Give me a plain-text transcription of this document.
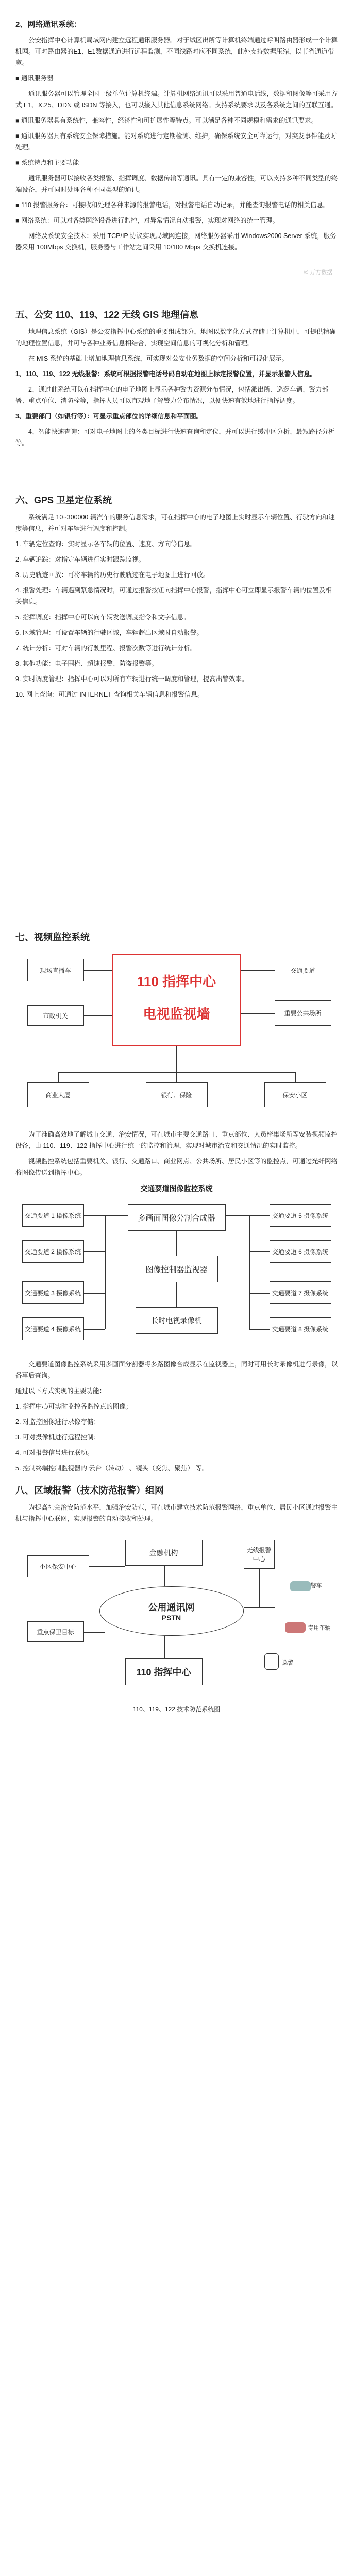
2、网络通讯系统：

公安指挥中心计算机局域网内建立远程通讯服务器。对于城区出所等计算机终端通过呼叫路由器形成一个计算机网。可对路由器的E1、E1数据通道进行远程监测，不同线路对应不同系统，此外支持数据压缩，以节省通道带宽。

■ 通讯服务器

通讯服务器可以管理全国一级单位计算机终端。计算机网络通讯可以采用普通电话线，数据和图像等可采用方式 E1、X.25、DDN 或 ISDN 等接入，也可以接入其他信息系统网络。支持系统要求以及各系统之间的互联互通。

■ 通讯服务器具有系统性，兼容性，经济性和可扩展性等特点。可以满足各种不同规模和需求的通讯要求。

■ 通讯服务器具有系统安全保障措施。能对系统进行定期检测、维护，确保系统安全可靠运行，对突发事件能及时处理。

■ 系统特点和主要功能

通讯服务器可以接收各类报警、指挥调度、数据传输等通讯。具有一定的兼容性，可以支持多种不同类型的终端设备，并可同时处理各种不同类型的通讯。

■ 110 报警服务台：可接收和处理各种来源的报警电话，对报警电话自动记录，并能查询报警电话的相关信息。

■ 网络系统：可以对各类网络设备进行监控，对异常情况自动报警，实现对网络的统一管理。

网络及系统安全技术：采用 TCP/IP 协议实现局域网连接，网络服务器采用 Windows2000 Server 系统，服务器采用 100Mbps 交换机，服务器与工作站之间采用 10/100 Mbps 交换机连接。

© 万方数据
五、公安 110、119、122 无线 GIS 地理信息

地理信息系统（GIS）是公安指挥中心系统的重要组成部分，地图以数字化方式存储于计算机中，可提供精确的地理位置信息，并可与各种业务信息相结合，实现空间信息的可视化分析和管理。

在 MIS 系统的基础上增加地理信息系统，可实现对公安业务数据的空间分析和可视化展示。

1、110、119、122 无线报警：系统可根据报警电话号码自动在地图上标定报警位置，并显示报警人信息。

2、通过此系统可以在指挥中心的电子地图上显示各种警力资源分布情况，包括派出所、巡逻车辆、警力部署、重点单位、消防栓等，指挥人员可以直观地了解警力分布情况，以便快速有效地进行指挥调度。

3、重要部门（如银行等）：可显示重点部位的详细信息和平面图。

4、智能快速查询：可对电子地图上的各类目标进行快速查询和定位，并可以进行缓冲区分析、最短路径分析等。

六、GPS 卫星定位系统

系统满足 10~300000 辆汽车的服务信息需求，可在指挥中心的电子地图上实时显示车辆位置、行驶方向和速度等信息，并可对车辆进行调度和控制。

1. 车辆定位查询：实时显示各车辆的位置、速度、方向等信息。

2. 车辆追踪：对指定车辆进行实时跟踪监视。

3. 历史轨迹回放：可将车辆的历史行驶轨迹在电子地图上进行回放。

4. 报警处理：车辆遇到紧急情况时，可通过报警按钮向指挥中心报警，指挥中心可立即显示报警车辆的位置及相关信息。

5. 指挥调度：指挥中心可以向车辆发送调度指令和文字信息。

6. 区域管理：可设置车辆的行驶区域，车辆超出区域时自动报警。

7. 统计分析：可对车辆的行驶里程、报警次数等进行统计分析。

8. 其他功能：电子围栏、超速报警、防盗报警等。

9. 实时调度管理：指挥中心可以对所有车辆进行统一调度和管理，提高出警效率。

10. 网上查询：可通过 INTERNET 查询相关车辆信息和报警信息。

七、视频监控系统
现场直播车
市政机关
交通要道
重要公共场所
110 指挥中心
电视监视墙
商业大厦	银行、保险	保安小区

为了准确高效地了解城市交通、治安情况，可在城市主要交通路口、重点部位、人员密集场所等安装视频监控设备，由 110、119、122 指挥中心进行统一的监控和管理，实现对城市治安和交通情况的实时监控。

视频监控系统包括重要机关、银行、交通路口、商业网点、公共场所、居民小区等的监控点，可通过光纤网络将图像传送到指挥中心。

交通要道图像监控系统
交通要道 1 摄像系统
交通要道 2 摄像系统
交通要道 3 摄像系统
交通要道 4 摄像系统
交通要道 5 摄像系统
交通要道 6 摄像系统
交通要道 7 摄像系统
交通要道 8 摄像系统
多画面图像分割合成器
图像控制器监视器
长时电视录像机

交通要道图像监控系统采用多画面分割器将多路图像合成显示在监视器上，同时可用长时录像机进行录像，以备事后查询。

通过以下方式实现的主要功能：

1. 指挥中心可实时监控各监控点的图像；

2. 对监控图像进行录像存储；

3. 可对摄像机进行远程控制；

4. 可对报警信号进行联动。

5. 控制终端控制监视器的 云台（转动） 、镜头（变焦、聚焦） 等。

八、区域报警（技术防范报警）组网

为提高社会治安防范水平，加强治安防范，可在城市建立技术防范报警网络，重点单位、居民小区通过报警主机与指挥中心联网，实现报警的自动接收和处理。

小区保安中心
金融机构	无线报警中心
公用通讯网
PSTN
重点保卫目标
110 指挥中心
警车
专用车辆
巡警
110、119、122 技术防范系统图
